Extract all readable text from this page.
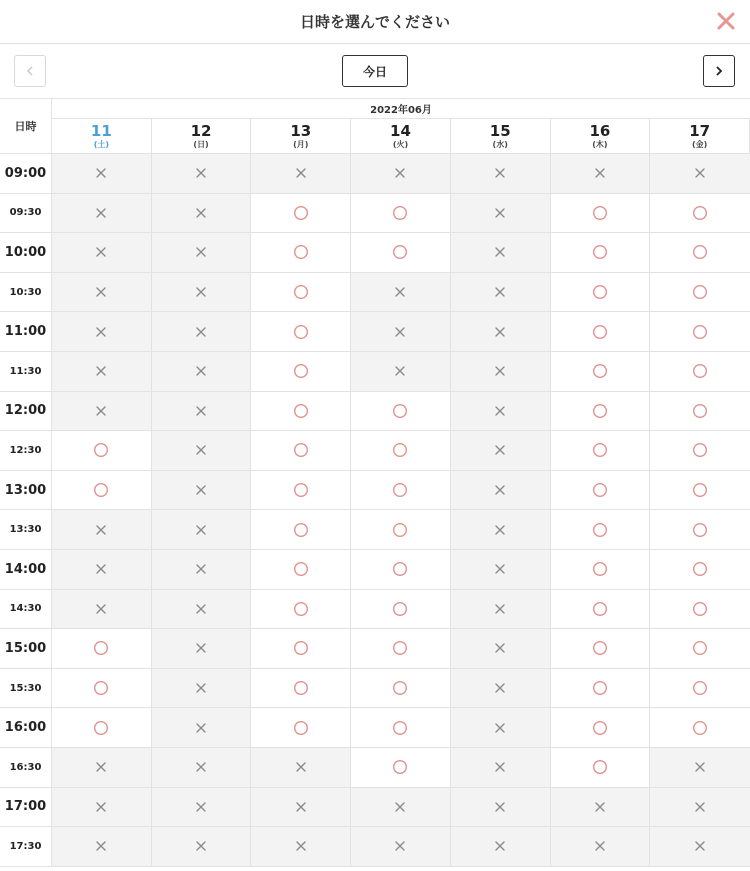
日時を選んでください
今日
日時
2022年06月
11
(土)
12
(日)
13
(月)
14
(火)
15
(水)
16
(木)
17
(金)
09:00
09:30
10:00
10:30
11:00
11:30
12:00
12:30
13:00
13:30
14:00
14:30
15:00
15:30
16:00
16:30
17:00
17:30
